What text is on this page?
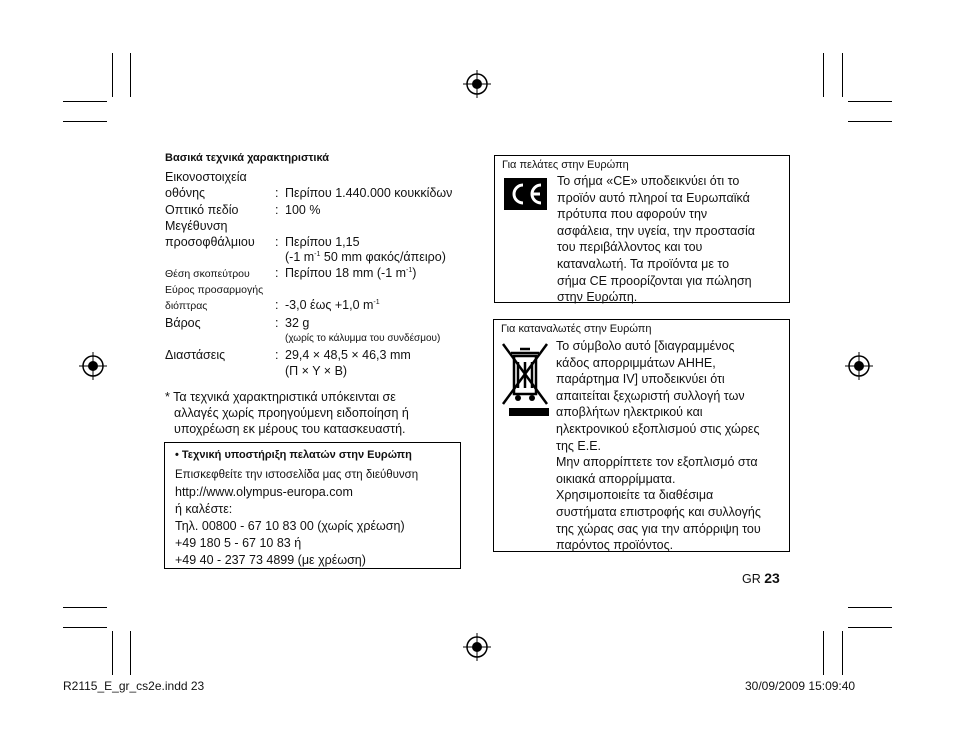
Βασικά τεχνικά χαρακτηριστικά
Εικονοστοιχεία
οθόνης	: Περίπου 1.440.000 κουκκίδων
Οπτικό πεδίο	: 100 %
Μεγέθυνση
προσοφθάλμιου : Περίπου 1,15
(-1 $m^{-1}$ 50 mm φακός/άπειρο)
Θέση σκοπεύτρου : Περίπου 18 mm (-1 $m^{-1}$)
Εύρος προσαρμογής
διόπτρας	: -3,0 έως +1,0 $m^{-1}$
Βάρος	: 32 g
(χωρίς το κάλυμμα του συνδέσμου)
Διαστάσεις	: 29,4 × 48,5 × 46,3 mm
(Π × Υ × Β)
* Τα τεχνικά χαρακτηριστικά υπόκεινται σε
αλλαγές χωρίς προηγούμενη ειδοποίηση ή
υποχρέωση εκ μέρους του κατασκευαστή.
• Τεχνική υποστήριξη πελατών στην Ευρώπη
Επισκεφθείτε την ιστοσελίδα μας στη διεύθυνση
http://www.olympus-europa.com
ή καλέστε:
Τηλ. 00800 - 67 10 83 00 (χωρίς χρέωση)
+49 180 5 - 67 10 83 ή
+49 40 - 237 73 4899 (με χρέωση)
Για πελάτες στην Ευρώπη
Το σήμα «CE» υποδεικνύει ότι το
προϊόν αυτό πληροί τα Ευρωπαϊκά
πρότυπα που αφορούν την
ασφάλεια, την υγεία, την προστασία
του περιβάλλοντος και του
καταναλωτή. Τα προϊόντα με το
σήμα CE προορίζονται για πώληση
στην Ευρώπη.
Για καταναλωτές στην Ευρώπη
Το σύμβολο αυτό [διαγραμμένος
κάδος απορριμμάτων ΑΗΗΕ,
παράρτημα IV] υποδεικνύει ότι
απαιτείται ξεχωριστή συλλογή των
αποβλήτων ηλεκτρικού και
ηλεκτρονικού εξοπλισμού στις χώρες
της Ε.Ε.
Μην απορρίπτετε τον εξοπλισμό στα
οικιακά απορρίμματα.
Χρησιμοποιείτε τα διαθέσιμα
συστήματα επιστροφής και συλλογής
της χώρας σας για την απόρριψη του
παρόντος προϊόντος.
GR 23
R2115_E_gr_cs2e.indd 23	30/09/2009 15:09:40
